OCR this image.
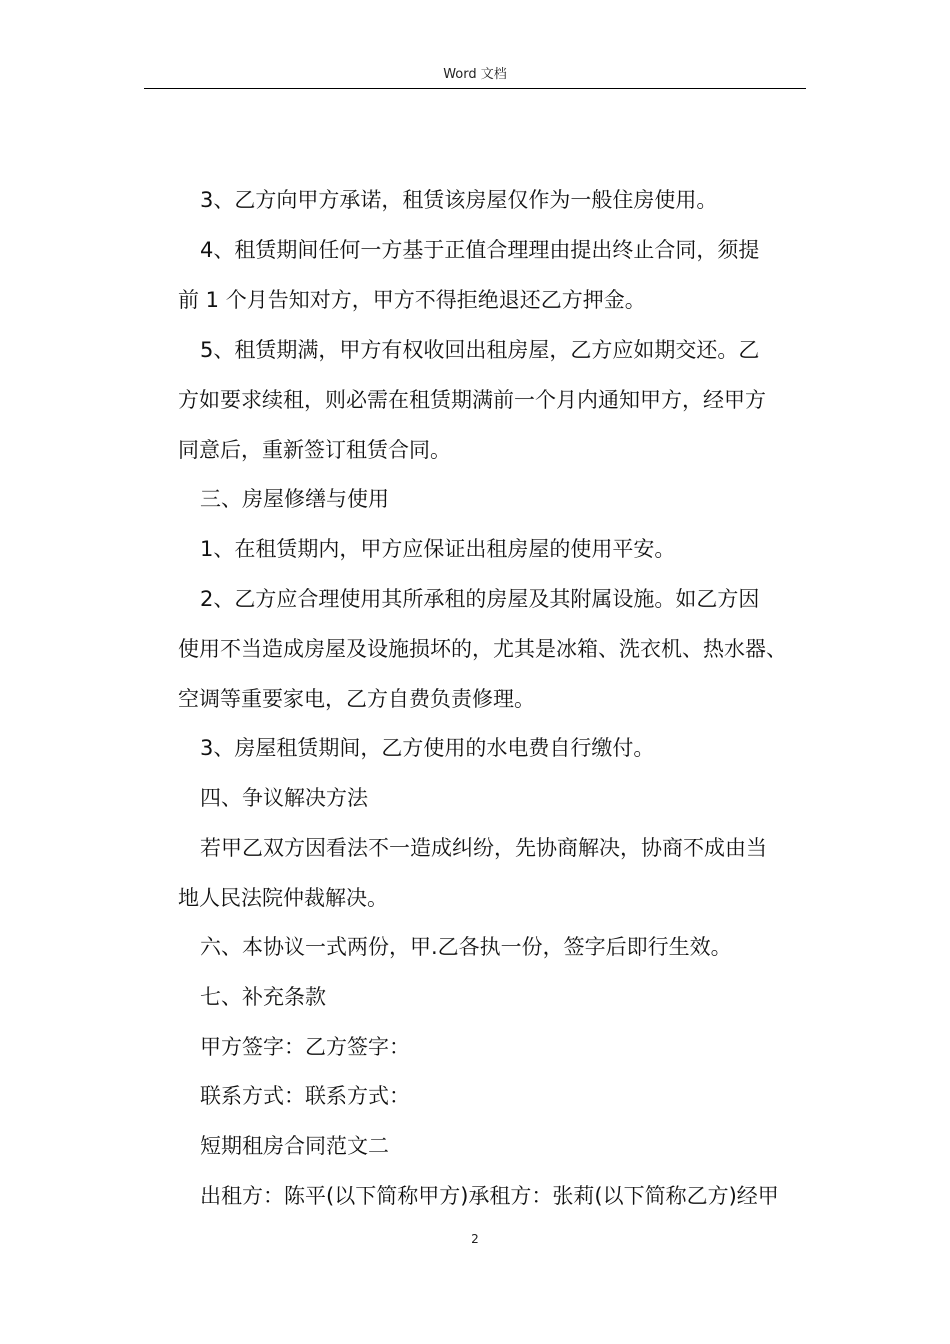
Word 文档

3、乙方向甲方承诺，租赁该房屋仅作为一般住房使用。

4、租赁期间任何一方基于正值合理理由提出终止合同，须提

前 1 个月告知对方，甲方不得拒绝退还乙方押金。

5、租赁期满，甲方有权收回出租房屋，乙方应如期交还。乙

方如要求续租，则必需在租赁期满前一个月内通知甲方，经甲方

同意后，重新签订租赁合同。

三、房屋修缮与使用

1、在租赁期内，甲方应保证出租房屋的使用平安。

2、乙方应合理使用其所承租的房屋及其附属设施。如乙方因

使用不当造成房屋及设施损坏的，尤其是冰箱、洗衣机、热水器、

空调等重要家电，乙方自费负责修理。

3、房屋租赁期间，乙方使用的水电费自行缴付。

四、争议解决方法

若甲乙双方因看法不一造成纠纷，先协商解决，协商不成由当

地人民法院仲裁解决。

六、本协议一式两份，甲.乙各执一份，签字后即行生效。

七、补充条款

甲方签字：乙方签字：

联系方式：联系方式：

短期租房合同范文二

出租方：陈平(以下简称甲方)承租方：张莉(以下简称乙方)经甲

2
